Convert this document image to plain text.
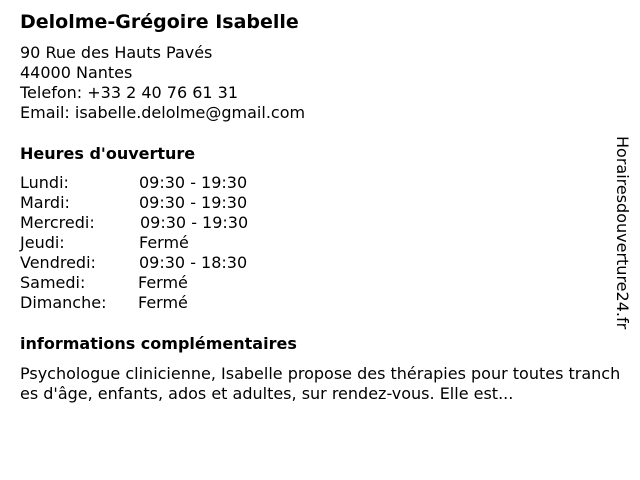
Delolme-Grégoire Isabelle
90 Rue des Hauts Pavés
44000 Nantes
Telefon: +33 2 40 76 61 31
Email: isabelle.delolme@gmail.com
Heures d'ouverture
Lundi:	09:30 - 19:30
Mardi:	09:30 - 19:30
Mercredi:	09:30 - 19:30
Jeudi:	Fermé
Vendredi:	09:30 - 18:30
Samedi:	Fermé
Dimanche: Fermé
informations complémentaires
Psychologue clinicienne, Isabelle propose des thérapies pour toutes tranches d'âge, enfants, ados et adultes, sur rendez-vous. Elle est...
Horairesdouverture24.fr
